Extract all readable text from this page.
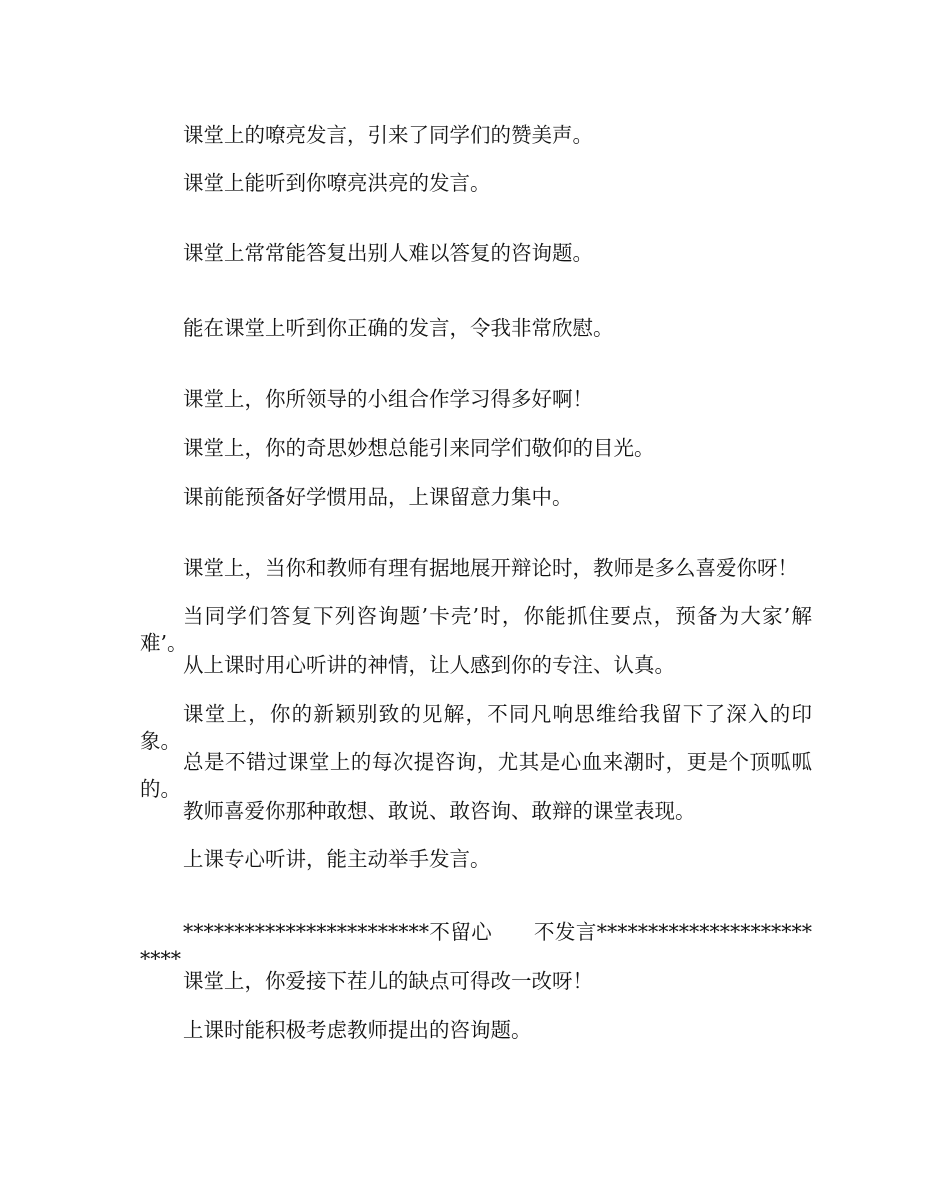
课堂上的嘹亮发言，引来了同学们的赞美声。

课堂上能听到你嘹亮洪亮的发言。

课堂上常常能答复出别人难以答复的咨询题。

能在课堂上听到你正确的发言，令我非常欣慰。

课堂上，你所领导的小组合作学习得多好啊！

课堂上，你的奇思妙想总能引来同学们敬仰的目光。

课前能预备好学惯用品，上课留意力集中。

课堂上，当你和教师有理有据地展开辩论时，教师是多么喜爱你呀！

当同学们答复下列咨询题’卡壳’时，你能抓住要点，预备为大家’解难’。

从上课时用心听讲的神情，让人感到你的专注、认真。

课堂上，你的新颖别致的见解，不同凡响思维给我留下了深入的印象。

总是不错过课堂上的每次提咨询，尤其是心血来潮时，更是个顶呱呱的。

教师喜爱你那种敢想、敢说、敢咨询、敢辩的课堂表现。

上课专心听讲，能主动举手发言。

************************不留心　　不发言*************************

课堂上，你爱接下茬儿的缺点可得改一改呀！

上课时能积极考虑教师提出的咨询题。
